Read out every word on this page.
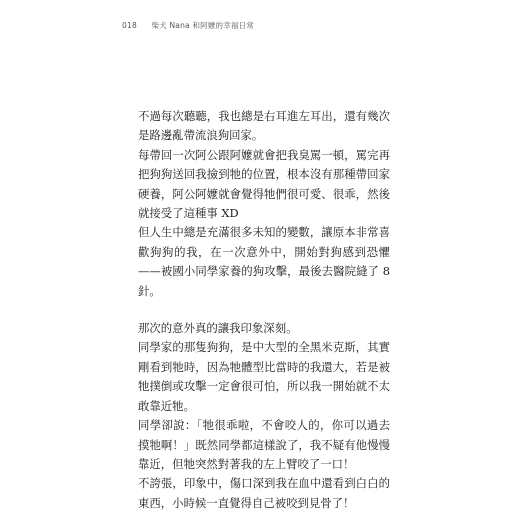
018 柴犬 Nana 和阿嬤的幸福日常

不過每次聽聽，我也總是右耳進左耳出，還有幾次是路邊亂帶流浪狗回家。

每帶回一次阿公跟阿嬤就會把我臭罵一頓，罵完再把狗狗送回我撿到牠的位置，根本沒有那種帶回家硬養，阿公阿嬤就會覺得牠們很可愛、很乖，然後就接受了這種事 XD

但人生中總是充滿很多未知的變數，讓原本非常喜歡狗狗的我，在一次意外中，開始對狗感到恐懼——被國小同學家養的狗攻擊，最後去醫院縫了 8 針。

那次的意外真的讓我印象深刻。

同學家的那隻狗狗，是中大型的全黑米克斯，其實剛看到牠時，因為牠體型比當時的我還大，若是被牠撲倒或攻擊一定會很可怕，所以我一開始就不太敢靠近牠。

同學卻說：「牠很乖啦，不會咬人的，你可以過去摸牠啊！」既然同學都這樣說了，我不疑有他慢慢靠近，但牠突然對著我的左上臂咬了一口！

不誇張，印象中，傷口深到我在血中還看到白白的東西，小時候一直覺得自己被咬到見骨了！
